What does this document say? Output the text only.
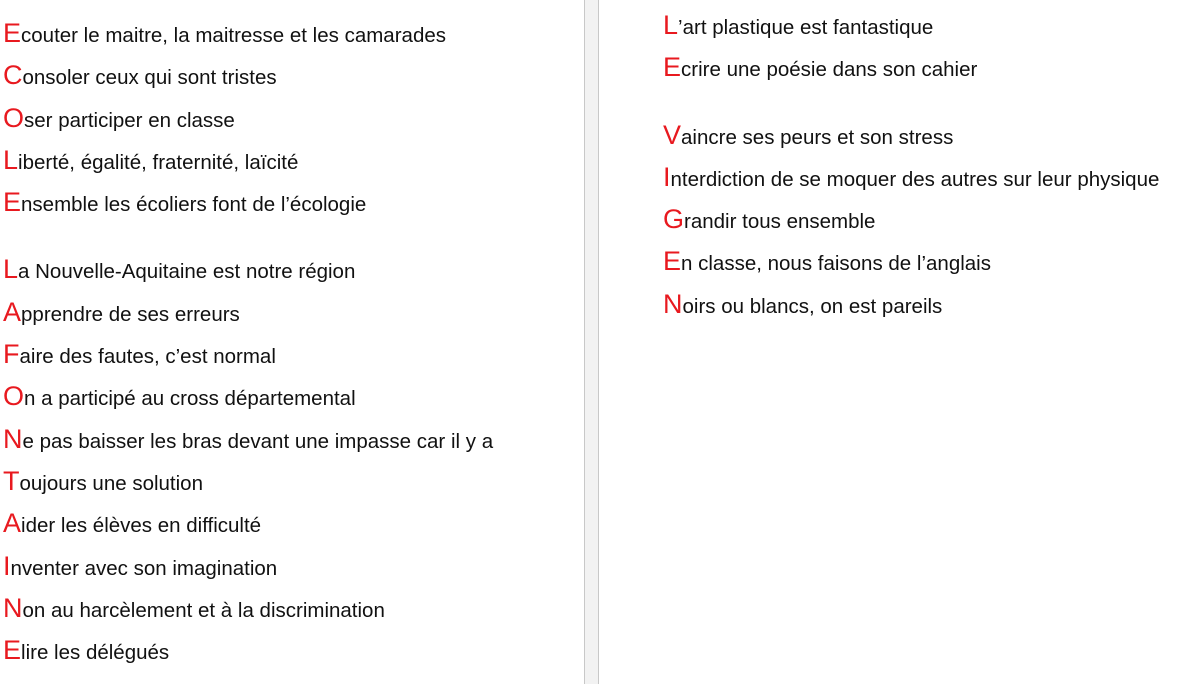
Ecouter le maitre, la maitresse et les camarades
Consoler ceux qui sont tristes
Oser participer en classe
Liberté, égalité, fraternité, laïcité
Ensemble les écoliers font de l’écologie
La Nouvelle-Aquitaine est notre région
Apprendre de ses erreurs
Faire des fautes, c’est normal
On a participé au cross départemental
Ne pas baisser les bras devant une impasse car il y a
Toujours une solution
Aider les élèves en difficulté
Inventer avec son imagination
Non au harcèlement et à la discrimination
Elire les délégués
L’art plastique est fantastique
Ecrire une poésie dans son cahier
Vaincre ses peurs et son stress
Interdiction de se moquer des autres sur leur physique
Grandir tous ensemble
En classe, nous faisons de l’anglais
Noirs ou blancs, on est pareils
